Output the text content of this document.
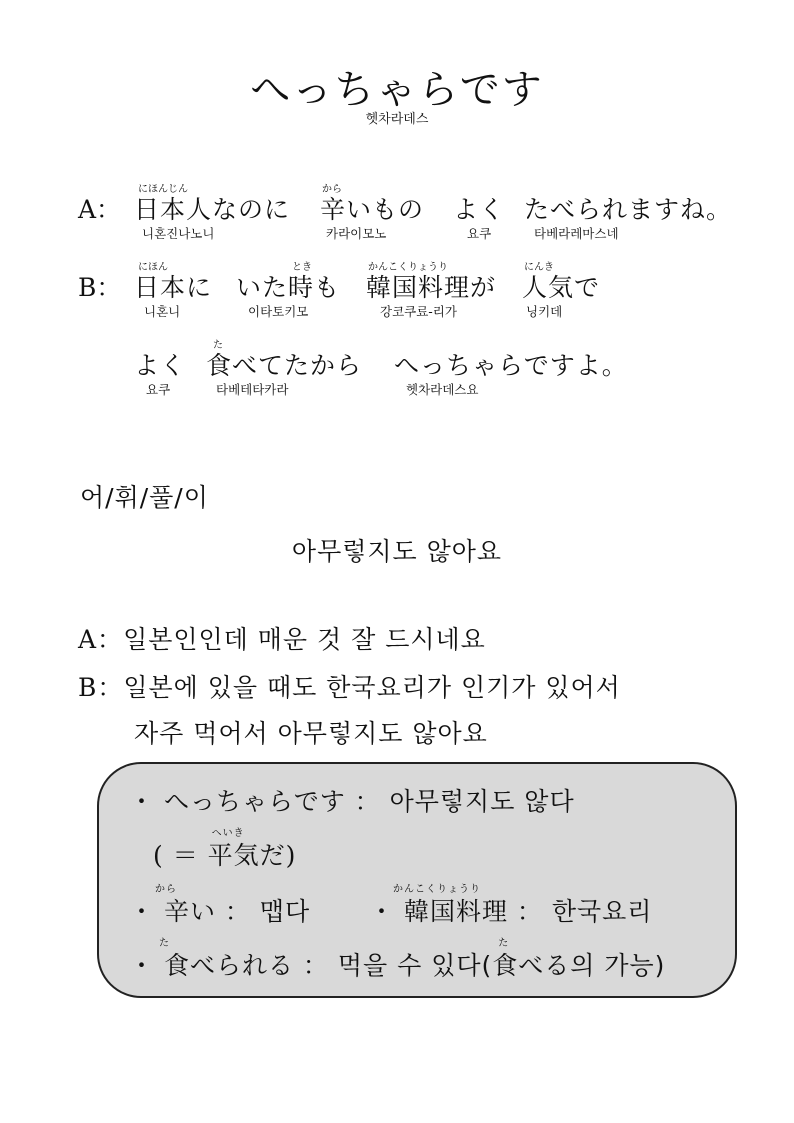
へっちゃらです
헷차라데스
A：
にほんじん
日本人なのに
니혼진나노니
から
辛いもの
카라이모노
よく
요쿠
たべられますね。
타베라레마스네
B：
にほん
日本に
니혼니
とき
いた時も
이타토키모
かんこくりょうり
韓国料理が
강코쿠료-리가
にんき
人気で
닝키데
よく
요쿠
た
食べてたから
타베테타카라
へっちゃらですよ。
헷차라데스요
어/휘/풀/이
아무렇지도 않아요
A：일본인인데 매운 것 잘 드시네요
B：일본에 있을 때도 한국요리가 인기가 있어서
자주 먹어서 아무렇지도 않아요
・ へっちゃらです ： 아무렇지도 않다
( ＝
へいき
平気だ)
から
・ 辛い ： 맵다
かんこくりょうり
・ 韓国料理 ： 한국요리
た
・ 食べられる ： 먹을 수 있다(
た
食べる의 가능)
